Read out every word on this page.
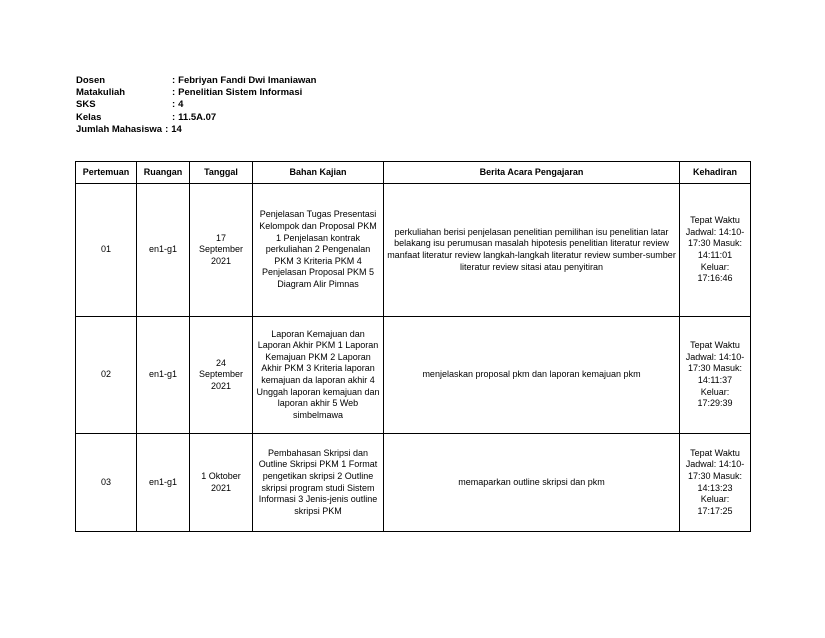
Dosen	: Febriyan Fandi Dwi Imaniawan
Matakuliah	: Penelitian Sistem Informasi
SKS	: 4
Kelas	: 11.5A.07
Jumlah Mahasiswa : 14
Pertemuan	Ruangan	Tanggal	Bahan Kajian	Berita Acara Pengajaran	Kehadiran
01	en1-g1	17 September 2021	Penjelasan Tugas Presentasi Kelompok dan Proposal PKM 1 Penjelasan kontrak perkuliahan 2 Pengenalan PKM 3 Kriteria PKM 4 Penjelasan Proposal PKM 5 Diagram Alir Pimnas	perkuliahan berisi penjelasan penelitian pemilihan isu penelitian latar belakang isu perumusan masalah hipotesis penelitian literatur review manfaat literatur review langkah-langkah literatur review sumber-sumber literatur review sitasi atau penyitiran	Tepat Waktu Jadwal: 14:10-17:30 Masuk: 14:11:01 Keluar: 17:16:46
02	en1-g1	24 September 2021	Laporan Kemajuan dan Laporan Akhir PKM 1 Laporan Kemajuan PKM 2 Laporan Akhir PKM 3 Kriteria laporan kemajuan da laporan akhir 4 Unggah laporan kemajuan dan laporan akhir 5 Web simbelmawa	menjelaskan proposal pkm dan laporan kemajuan pkm	Tepat Waktu Jadwal: 14:10-17:30 Masuk: 14:11:37 Keluar: 17:29:39
03	en1-g1	1 Oktober 2021	Pembahasan Skripsi dan Outline Skripsi PKM 1 Format pengetikan skripsi 2 Outline skripsi program studi Sistem Informasi 3 Jenis-jenis outline skripsi PKM	memaparkan outline skripsi dan pkm	Tepat Waktu Jadwal: 14:10-17:30 Masuk: 14:13:23 Keluar: 17:17:25
